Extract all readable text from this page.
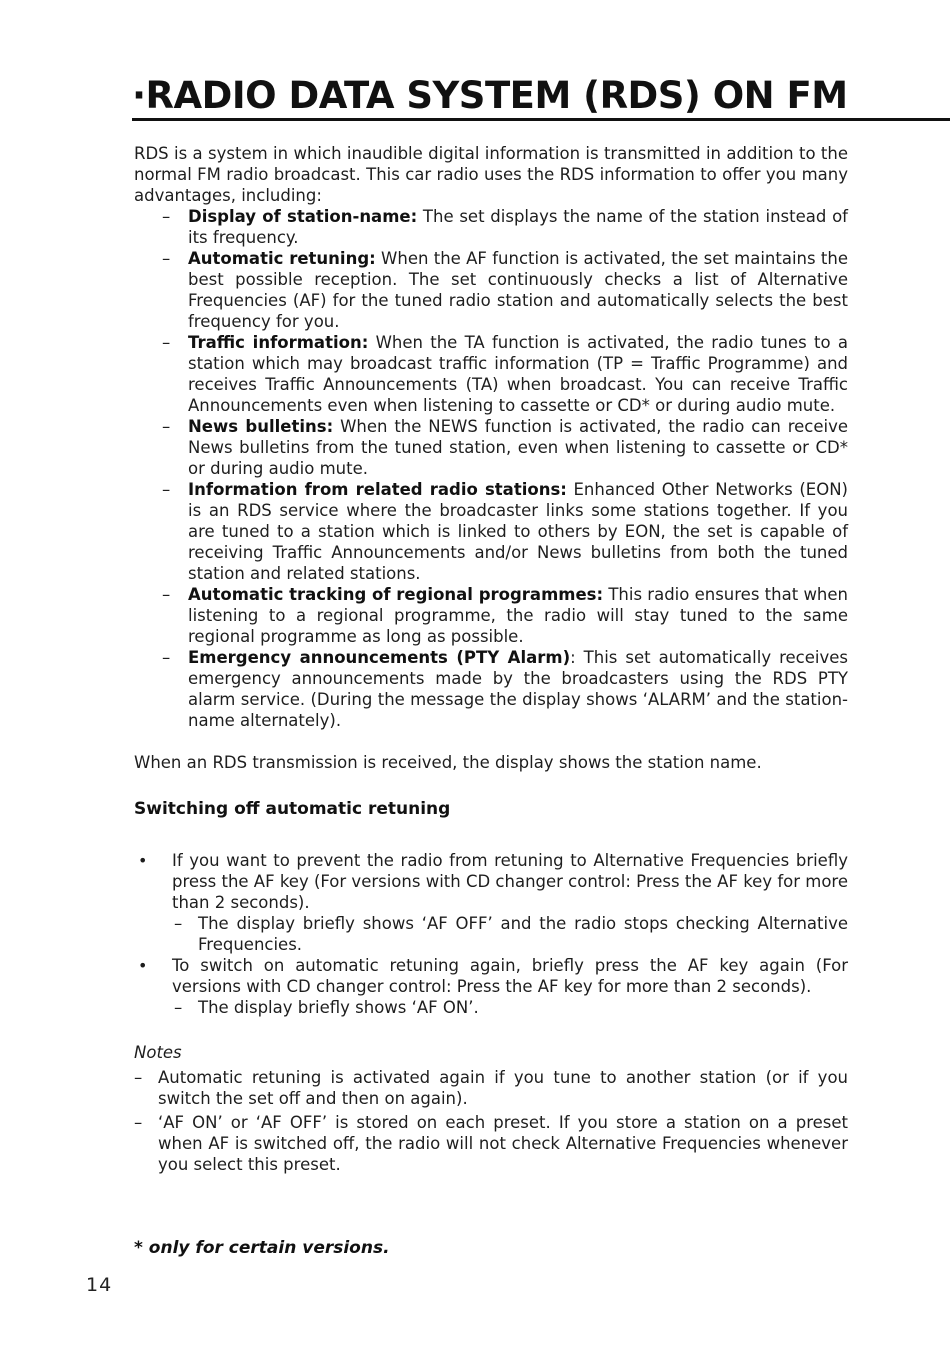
·RADIO DATA SYSTEM (RDS) ON FM

RDS is a system in which inaudible digital information is transmitted in addition to the normal FM radio broadcast. This car radio uses the RDS information to offer you many advantages, including:

– Display of station-name: The set displays the name of the station instead of its frequency.
– Automatic retuning: When the AF function is activated, the set maintains the best possible reception. The set continuously checks a list of Alternative Frequencies (AF) for the tuned radio station and automatically selects the best frequency for you.
– Traffic information: When the TA function is activated, the radio tunes to a station which may broadcast traffic information (TP = Traffic Programme) and receives Traffic Announcements (TA) when broadcast. You can receive Traffic Announcements even when listening to cassette or CD* or during audio mute.
– News bulletins: When the NEWS function is activated, the radio can receive News bulletins from the tuned station, even when listening to cassette or CD* or during audio mute.
– Information from related radio stations: Enhanced Other Networks (EON) is an RDS service where the broadcaster links some stations together. If you are tuned to a station which is linked to others by EON, the set is capable of receiving Traffic Announcements and/or News bulletins from both the tuned station and related stations.
– Automatic tracking of regional programmes: This radio ensures that when listening to a regional programme, the radio will stay tuned to the same regional programme as long as possible.
– Emergency announcements (PTY Alarm): This set automatically receives emergency announcements made by the broadcasters using the RDS PTY alarm service. (During the message the display shows ‘ALARM’ and the station-name alternately).

When an RDS transmission is received, the display shows the station name.

Switching off automatic retuning

• If you want to prevent the radio from retuning to Alternative Frequencies briefly press the AF key (For versions with CD changer control: Press the AF key for more than 2 seconds).
– The display briefly shows ‘AF OFF’ and the radio stops checking Alternative Frequencies.
• To switch on automatic retuning again, briefly press the AF key again (For versions with CD changer control: Press the AF key for more than 2 seconds).
– The display briefly shows ‘AF ON’.

Notes

– Automatic retuning is activated again if you tune to another station (or if you switch the set off and then on again).
– ‘AF ON’ or ‘AF OFF’ is stored on each preset. If you store a station on a preset when AF is switched off, the radio will not check Alternative Frequencies whenever you select this preset.
* only for certain versions.
14
